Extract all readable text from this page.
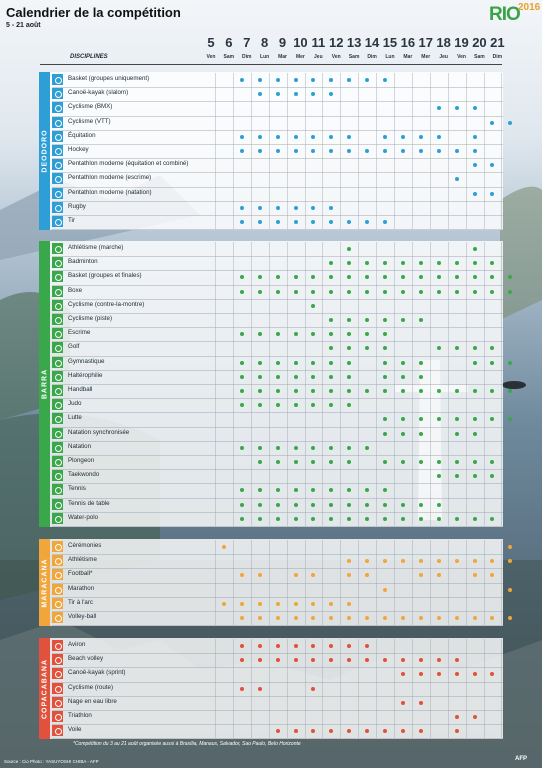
Calendrier de la compétition
5 - 21 août
RIO
2016
DISCIPLINES
5
Ven
6
Sam
7
Dim
8
Lun
9
Mar
10
Mer
11
Jeu
12
Ven
13
Sam
14
Dim
15
Lun
16
Mar
17
Mer
18
Jeu
19
Ven
20
Sam
21
Dim
DEODORO
Basket (groupes uniquement)
Canoë-kayak (slalom)
Cyclisme (BMX)
Cyclisme (VTT)
Équitation
Hockey
Pentathlon moderne (équitation et combiné)
Pentathlon moderne (escrime)
Pentathlon moderne (natation)
Rugby
Tir
BARRA
Athlétisme (marche)
Badminton
Basket (groupes et finales)
Boxe
Cyclisme (contre-la-montre)
Cyclisme (piste)
Escrime
Golf
Gymnastique
Haltérophilie
Handball
Judo
Lutte
Natation synchronisée
Natation
Plongeon
Taekwondo
Tennis
Tennis de table
Water-polo
MARACANA
Cérémonies
Athlétisme
Football*
Marathon
Tir à l'arc
Volley-ball
COPACABANA
Aviron
Beach volley
Canoë-kayak (sprint)
Cyclisme (route)
Nage en eau libre
Triathlon
Voile
*Compétition du 3 au 21 août organisée aussi à Brasília, Manaus, Salvador, Sao Paulo, Belo Horizonte
Source : Cio Photo : YASUYOSHI CHIBA - AFP	AFP
